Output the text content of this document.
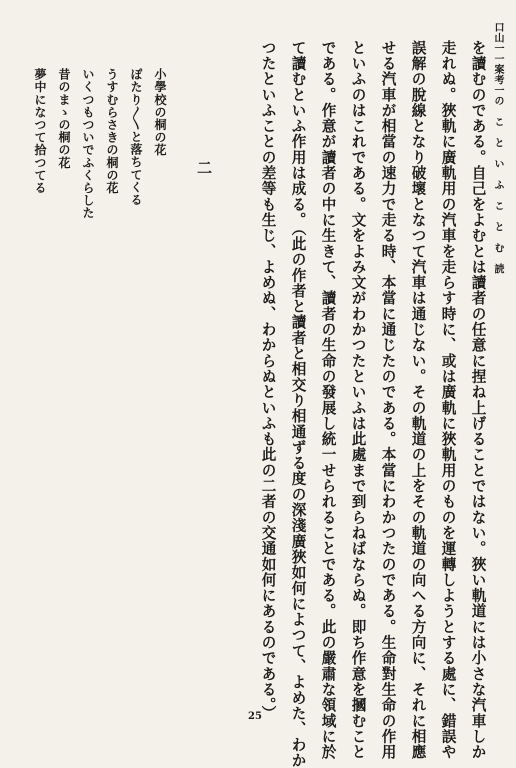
口山一一案考一の　こ　と　い　ふ　こ　と　む　読
を讀むのである。自己をよむとは讀者の任意に捏ね上げることではない。狹い軌道には小さな汽車しか
走れぬ。狹軌に廣軌用の汽車を走らす時に、或は廣軌に狹軌用のものを運轉しようとする處に、錯誤や
誤解の脫線となり破壞となつて汽車は通じない。その軌道の上をその軌道の向へる方向に、それに相應
せる汽車が相當の速力で走る時、本當に通じたのである。本當にわかつたのである。生命對生命の作用
といふのはこれである。文をよみ文がわかつたといふは此處まで到らねばならぬ。即ち作意を摑むこと
である。作意が讀者の中に生きて、讀者の生命の發展し統一せられることである。此の嚴肅な領域に於
て讀むといふ作用は成る。（此の作者と讀者と相交り相通ずる度の深淺廣狹如何によつて、よめた、わか
つたといふことの差等も生じ、よめぬ、わからぬといふも此の二者の交通如何にあるのである。）
二
小學校の桐の花
ぽたり〳〵と落ちてくる
うすむらさきの桐の花
いくつもついでふくらした
昔のまゝの桐の花
夢中になつて拾つてる
25
